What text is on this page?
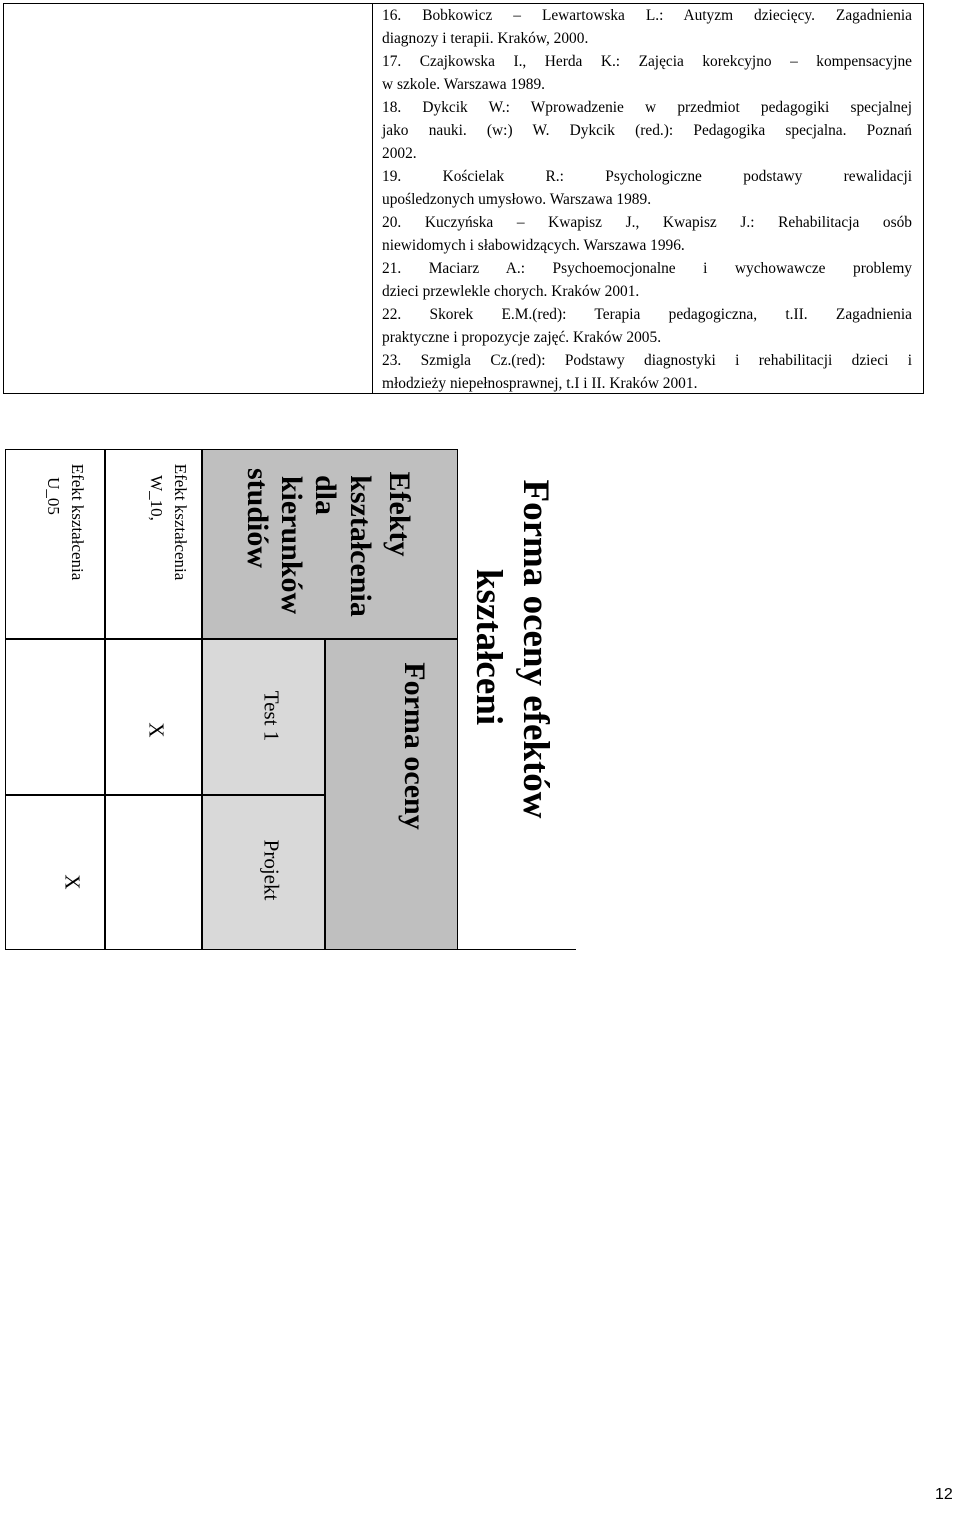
16. Bobkowicz – Lewartowska L.: Autyzm dziecięcy. Zagadnienia

diagnozy i terapii. Kraków, 2000.

17. Czajkowska I., Herda K.: Zajęcia korekcyjno – kompensacyjne

w szkole. Warszawa 1989.

18. Dykcik W.: Wprowadzenie w przedmiot pedagogiki specjalnej

jako nauki. (w:) W. Dykcik (red.): Pedagogika specjalna. Poznań

2002.

19. Kościelak R.: Psychologiczne podstawy rewalidacji

upośledzonych umysłowo. Warszawa 1989.

20. Kuczyńska – Kwapisz J., Kwapisz J.: Rehabilitacja osób

niewidomych i słabowidzących. Warszawa 1996.

21. Maciarz A.: Psychoemocjonalne i wychowawcze problemy

dzieci przewlekle chorych. Kraków 2001.

22. Skorek E.M.(red): Terapia pedagogiczna, t.II. Zagadnienia

praktyczne i propozycje zajęć. Kraków 2005.

23. Szmigla Cz.(red): Podstawy diagnostyki i rehabilitacji dzieci i

młodzieży niepełnosprawnej, t.I i II. Kraków 2001.

Forma oceny efektów
kształceni
Forma oceny
Efekty
kształcenia
dla
kierunków
studiów
Test 1
Projekt
Efekt kształcenia
W_10,
X
Efekt kształcenia
U_05
X
12
